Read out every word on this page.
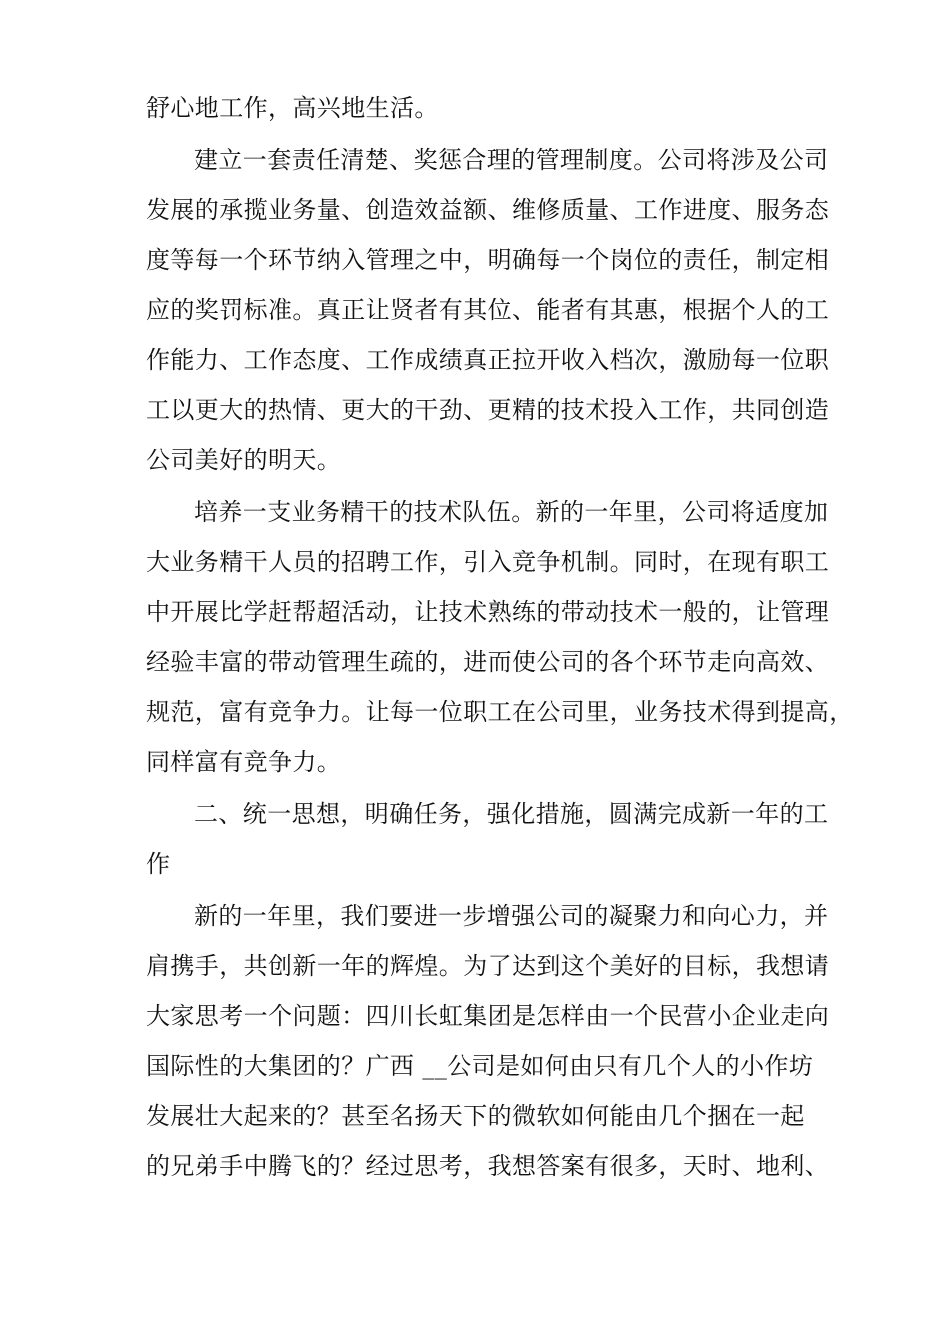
舒心地工作，高兴地生活。
建立一套责任清楚、奖惩合理的管理制度。公司将涉及公司
发展的承揽业务量、创造效益额、维修质量、工作进度、服务态
度等每一个环节纳入管理之中，明确每一个岗位的责任，制定相
应的奖罚标准。真正让贤者有其位、能者有其惠，根据个人的工
作能力、工作态度、工作成绩真正拉开收入档次，激励每一位职
工以更大的热情、更大的干劲、更精的技术投入工作，共同创造
公司美好的明天。
培养一支业务精干的技术队伍。新的一年里，公司将适度加
大业务精干人员的招聘工作，引入竞争机制。同时，在现有职工
中开展比学赶帮超活动，让技术熟练的带动技术一般的，让管理
经验丰富的带动管理生疏的，进而使公司的各个环节走向高效、
规范，富有竞争力。让每一位职工在公司里，业务技术得到提高，
同样富有竞争力。
二、统一思想，明确任务，强化措施，圆满完成新一年的工
作
新的一年里，我们要进一步增强公司的凝聚力和向心力，并
肩携手，共创新一年的辉煌。为了达到这个美好的目标，我想请
大家思考一个问题：四川长虹集团是怎样由一个民营小企业走向
国际性的大集团的？广西 __公司是如何由只有几个人的小作坊
发展壮大起来的？甚至名扬天下的微软如何能由几个捆在一起
的兄弟手中腾飞的？经过思考，我想答案有很多，天时、地利、
